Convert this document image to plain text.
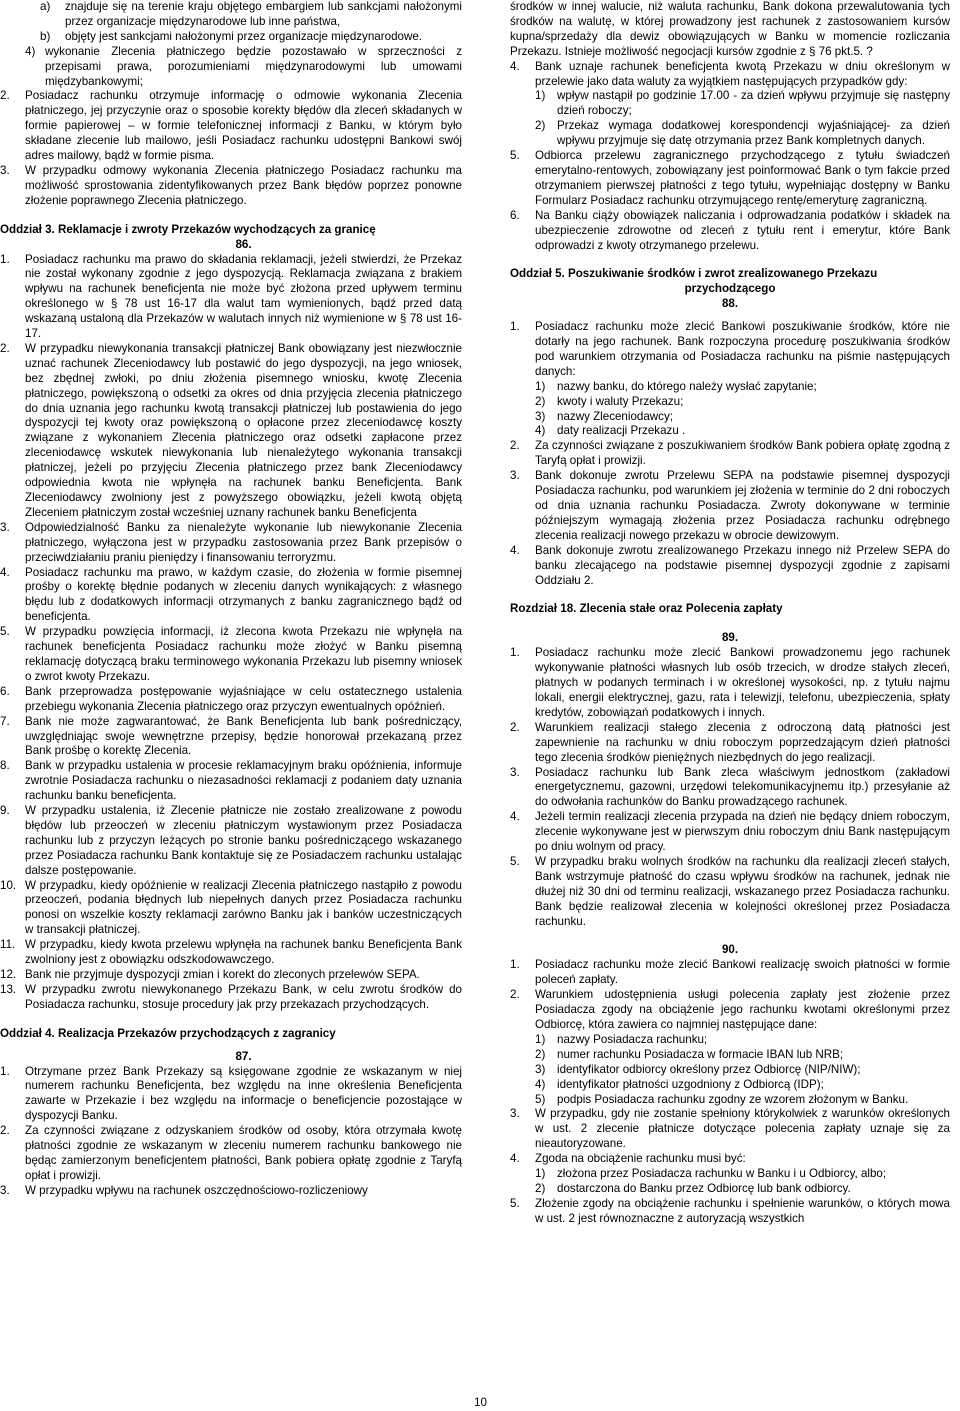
a)	znajduje się na terenie kraju objętego embargiem lub sankcjami nałożonymi przez organizacje międzynarodowe lub inne państwa,
b)	objęty jest sankcjami nałożonymi przez organizacje międzynarodowe.
4) wykonanie Zlecenia płatniczego będzie pozostawało w sprzeczności z przepisami prawa, porozumieniami międzynarodowymi lub umowami międzybankowymi;
2.	Posiadacz rachunku otrzymuje informację o odmowie wykonania Zlecenia płatniczego, jej przyczynie oraz o sposobie korekty błędów dla zleceń składanych w formie papierowej – w formie telefonicznej informacji z Banku, w którym było składane zlecenie lub mailowo, jeśli Posiadacz rachunku udostępni Bankowi swój adres mailowy, bądź w formie pisma.
3.	W przypadku odmowy wykonania Zlecenia płatniczego Posiadacz rachunku ma możliwość sprostowania zidentyfikowanych przez Bank błędów poprzez ponowne złożenie poprawnego Zlecenia płatniczego.
Oddział 3. Reklamacje i zwroty Przekazów wychodzących za granicę
86.
1.	Posiadacz rachunku ma prawo do składania reklamacji, jeżeli stwierdzi, że Przekaz nie został wykonany zgodnie z jego dyspozycją. Reklamacja związana z brakiem wpływu na rachunek beneficjenta nie może być złożona przed upływem terminu określonego w § 78 ust 16-17 dla walut tam wymienionych, bądź przed datą wskazaną ustaloną dla Przekazów w walutach innych niż wymienione w § 78 ust 16-17.
2.	W przypadku niewykonania transakcji płatniczej Bank obowiązany jest niezwłocznie uznać rachunek Zleceniodawcy lub postawić do jego dyspozycji, na jego wniosek, bez zbędnej zwłoki, po dniu złożenia pisemnego wniosku, kwotę Zlecenia płatniczego, powiększoną o odsetki za okres od dnia przyjęcia zlecenia płatniczego do dnia uznania jego rachunku kwotą transakcji płatniczej lub postawienia do jego dyspozycji tej kwoty oraz powiększoną o opłacone przez zleceniodawcę koszty związane z wykonaniem Zlecenia płatniczego oraz odsetki zapłacone przez zleceniodawcę wskutek niewykonania lub nienależytego wykonania transakcji płatniczej, jeżeli po przyjęciu Zlecenia płatniczego przez bank Zleceniodawcy odpowiednia kwota nie wpłynęła na rachunek banku Beneficjenta. Bank Zleceniodawcy zwolniony jest z powyższego obowiązku, jeżeli kwotą objętą Zleceniem płatniczym został wcześniej uznany rachunek banku Beneficjenta
3.	Odpowiedzialność Banku za nienależyte wykonanie lub niewykonanie Zlecenia płatniczego, wyłączona jest w przypadku zastosowania przez Bank przepisów o przeciwdziałaniu praniu pieniędzy i finansowaniu terroryzmu.
4.	Posiadacz rachunku ma prawo, w każdym czasie, do złożenia w formie pisemnej prośby o korektę błędnie podanych w zleceniu danych wynikających: z własnego błędu lub z dodatkowych informacji otrzymanych z banku zagranicznego bądź od beneficjenta.
5.	W przypadku powzięcia informacji, iż zlecona kwota Przekazu nie wpłynęła na rachunek beneficjenta Posiadacz rachunku może złożyć w Banku pisemną reklamację dotyczącą braku terminowego wykonania Przekazu lub pisemny wniosek o zwrot kwoty Przekazu.
6.	Bank przeprowadza postępowanie wyjaśniające w celu ostatecznego ustalenia przebiegu wykonania Zlecenia płatniczego oraz przyczyn ewentualnych opóźnień.
7.	Bank nie może zagwarantować, że Bank Beneficjenta lub bank pośredniczący, uwzględniając swoje wewnętrzne przepisy, będzie honorował przekazaną przez Bank prośbę o korektę Zlecenia.
8.	Bank w przypadku ustalenia w procesie reklamacyjnym braku opóźnienia, informuje zwrotnie Posiadacza rachunku o niezasadności reklamacji z podaniem daty uznania rachunku banku beneficjenta.
9.	W przypadku ustalenia, iż Zlecenie płatnicze nie zostało zrealizowane z powodu błędów lub przeoczeń w zleceniu płatniczym wystawionym przez Posiadacza rachunku lub z przyczyn leżących po stronie banku pośredniczącego wskazanego przez Posiadacza rachunku Bank kontaktuje się ze Posiadaczem rachunku ustalając dalsze postępowanie.
10. W przypadku, kiedy opóźnienie w realizacji Zlecenia płatniczego nastąpiło z powodu przeoczeń, podania błędnych lub niepełnych danych przez Posiadacza rachunku ponosi on wszelkie koszty reklamacji zarówno Banku jak i banków uczestniczących w transakcji płatniczej.
11. W przypadku, kiedy kwota przelewu wpłynęła na rachunek banku Beneficjenta Bank zwolniony jest z obowiązku odszkodowawczego.
12. Bank nie przyjmuje dyspozycji zmian i korekt do zleconych przelewów SEPA.
13. W przypadku zwrotu niewykonanego Przekazu Bank, w celu zwrotu środków do Posiadacza rachunku, stosuje procedury jak przy przekazach przychodzących.
Oddział 4. Realizacja Przekazów przychodzących z zagranicy
87.
1.	Otrzymane przez Bank Przekazy są księgowane zgodnie ze wskazanym w niej numerem rachunku Beneficjenta, bez względu na inne określenia Beneficjenta zawarte w Przekazie i bez względu na informacje o beneficjencie pozostające w dyspozycji Banku.
2.	Za czynności związane z odzyskaniem środków od osoby, która otrzymała kwotę płatności zgodnie ze wskazanym w zleceniu numerem rachunku bankowego nie będąc zamierzonym beneficjentem płatności, Bank pobiera opłatę zgodnie z Taryfą opłat i prowizji.
3.	W przypadku wpływu na rachunek oszczędnościowo-rozliczeniowy
środków w innej walucie, niż waluta rachunku, Bank dokona przewalutowania tych środków na walutę, w której prowadzony jest rachunek z zastosowaniem kursów kupna/sprzedaży dla dewiz obowiązujących w Banku w momencie rozliczania Przekazu. Istnieje możliwość negocjacji kursów zgodnie z § 76 pkt.5. ?
4.	Bank uznaje rachunek beneficjenta kwotą Przekazu w dniu określonym w przelewie jako data waluty za wyjątkiem następujących przypadków gdy:
1)	wpływ nastąpił po godzinie 17.00 - za dzień wpływu przyjmuje się następny dzień roboczy;
2)	Przekaz wymaga dodatkowej korespondencji wyjaśniającej- za dzień wpływu przyjmuje się datę otrzymania przez Bank kompletnych danych.
5.	Odbiorca przelewu zagranicznego przychodzącego z tytułu świadczeń emerytalno-rentowych, zobowiązany jest poinformować Bank o tym fakcie przed otrzymaniem pierwszej płatności z tego tytułu, wypełniając dostępny w Banku Formularz Posiadacz rachunku otrzymującego rentę/emeryturę zagraniczną.
6.	Na Banku ciąży obowiązek naliczania i odprowadzania podatków i składek na ubezpieczenie zdrowotne od zleceń z tytułu rent i emerytur, które Bank odprowadzi z kwoty otrzymanego przelewu.
Oddział 5. Poszukiwanie środków i zwrot zrealizowanego Przekazu
przychodzącego
88.
1.	Posiadacz rachunku może zlecić Bankowi poszukiwanie środków, które nie dotarły na jego rachunek. Bank rozpoczyna procedurę poszukiwania środków pod warunkiem otrzymania od Posiadacza rachunku na piśmie następujących danych:
1)	nazwy banku, do którego należy wysłać zapytanie;
2)	kwoty i waluty Przekazu;
3)	nazwy Zleceniodawcy;
4)	daty realizacji Przekazu .
2.	Za czynności związane z poszukiwaniem środków Bank pobiera opłatę zgodną z Taryfą opłat i prowizji.
3.	Bank dokonuje zwrotu Przelewu SEPA na podstawie pisemnej dyspozycji Posiadacza rachunku, pod warunkiem jej złożenia w terminie do 2 dni roboczych od dnia uznania rachunku Posiadacza. Zwroty dokonywane w terminie późniejszym wymagają złożenia przez Posiadacza rachunku odrębnego zlecenia realizacji nowego przekazu w obrocie dewizowym.
4.	Bank dokonuje zwrotu zrealizowanego Przekazu innego niż Przelew SEPA do banku zlecającego na podstawie pisemnej dyspozycji zgodnie z zapisami Oddziału 2.
Rozdział 18. Zlecenia stałe oraz Polecenia zapłaty
89.
1.	Posiadacz rachunku może zlecić Bankowi prowadzonemu jego rachunek wykonywanie płatności własnych lub osób trzecich, w drodze stałych zleceń, płatnych w podanych terminach i w określonej wysokości, np. z tytułu najmu lokali, energii elektrycznej, gazu, rata i telewizji, telefonu, ubezpieczenia, spłaty kredytów, zobowiązań podatkowych i innych.
2.	Warunkiem realizacji stałego zlecenia z odroczoną datą płatności jest zapewnienie na rachunku w dniu roboczym poprzedzającym dzień płatności tego zlecenia środków pieniężnych niezbędnych do jego realizacji.
3.	Posiadacz rachunku lub Bank zleca właściwym jednostkom (zakładowi energetycznemu, gazowni, urzędowi telekomunikacyjnemu itp.) przesyłanie aż do odwołania rachunków do Banku prowadzącego rachunek.
4.	Jeżeli termin realizacji zlecenia przypada na dzień nie będący dniem roboczym, zlecenie wykonywane jest w pierwszym dniu roboczym dniu Bank następującym po dniu wolnym od pracy.
5.	W przypadku braku wolnych środków na rachunku dla realizacji zleceń stałych, Bank wstrzymuje płatność do czasu wpływu środków na rachunek, jednak nie dłużej niż 30 dni od terminu realizacji, wskazanego przez Posiadacza rachunku. Bank będzie realizował zlecenia w kolejności określonej przez Posiadacza rachunku.
90.
1.	Posiadacz rachunku może zlecić Bankowi realizację swoich płatności w formie poleceń zapłaty.
2.	Warunkiem udostępnienia usługi polecenia zapłaty jest złożenie przez Posiadacza zgody na obciążenie jego rachunku kwotami określonymi przez Odbiorcę, która zawiera co najmniej następujące dane:
1)	nazwy Posiadacza rachunku;
2)	numer rachunku Posiadacza w formacie IBAN lub NRB;
3)	identyfikator odbiorcy określony przez Odbiorcę (NIP/NIW);
4)	identyfikator płatności uzgodniony z Odbiorcą (IDP);
5)	podpis Posiadacza rachunku zgodny ze wzorem złożonym w Banku.
3.	W przypadku, gdy nie zostanie spełniony którykolwiek z warunków określonych w ust. 2 zlecenie płatnicze dotyczące polecenia zapłaty uznaje się za nieautoryzowane.
4.	Zgoda na obciążenie rachunku musi być:
1)	złożona przez Posiadacza rachunku w Banku i u Odbiorcy, albo;
2)	dostarczona do Banku przez Odbiorcę lub bank odbiorcy.
5.	Złożenie zgody na obciążenie rachunku i spełnienie warunków, o których mowa w ust. 2 jest równoznaczne z autoryzacją wszystkich
10
